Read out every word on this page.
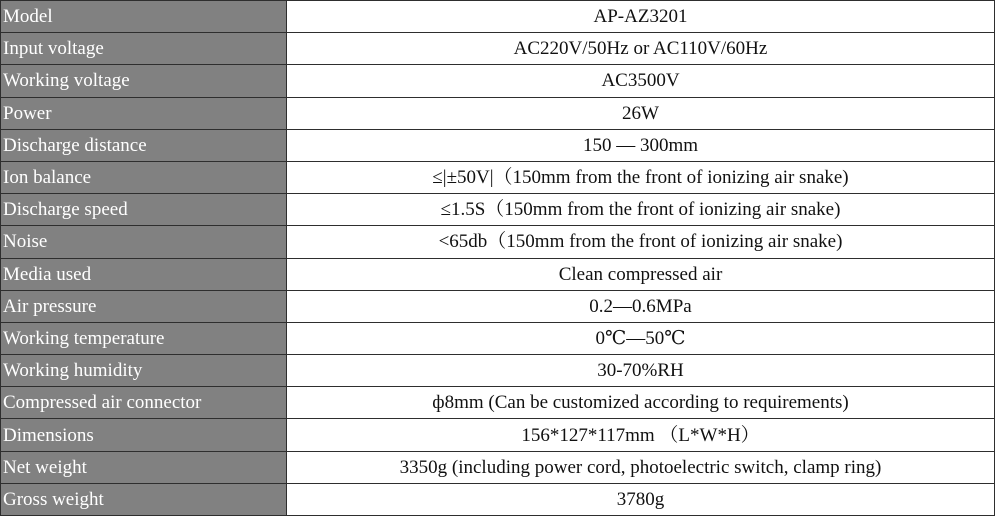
Model	AP-AZ3201
Input voltage	AC220V/50Hz or AC110V/60Hz
Working voltage	AC3500V
Power	26W
Discharge distance	150 — 300mm
Ion balance	≤|±50V|（150mm from the front of ionizing air snake)
Discharge speed	≤1.5S（150mm from the front of ionizing air snake)
Noise	<65db（150mm from the front of ionizing air snake)
Media used	Clean compressed air
Air pressure	0.2—0.6MPa
Working temperature	0℃—50℃
Working humidity	30-70%RH
Compressed air connector	ф8mm (Can be customized according to requirements)
Dimensions	156*127*117mm （L*W*H）
Net weight	3350g (including power cord, photoelectric switch, clamp ring)
Gross weight	3780g
